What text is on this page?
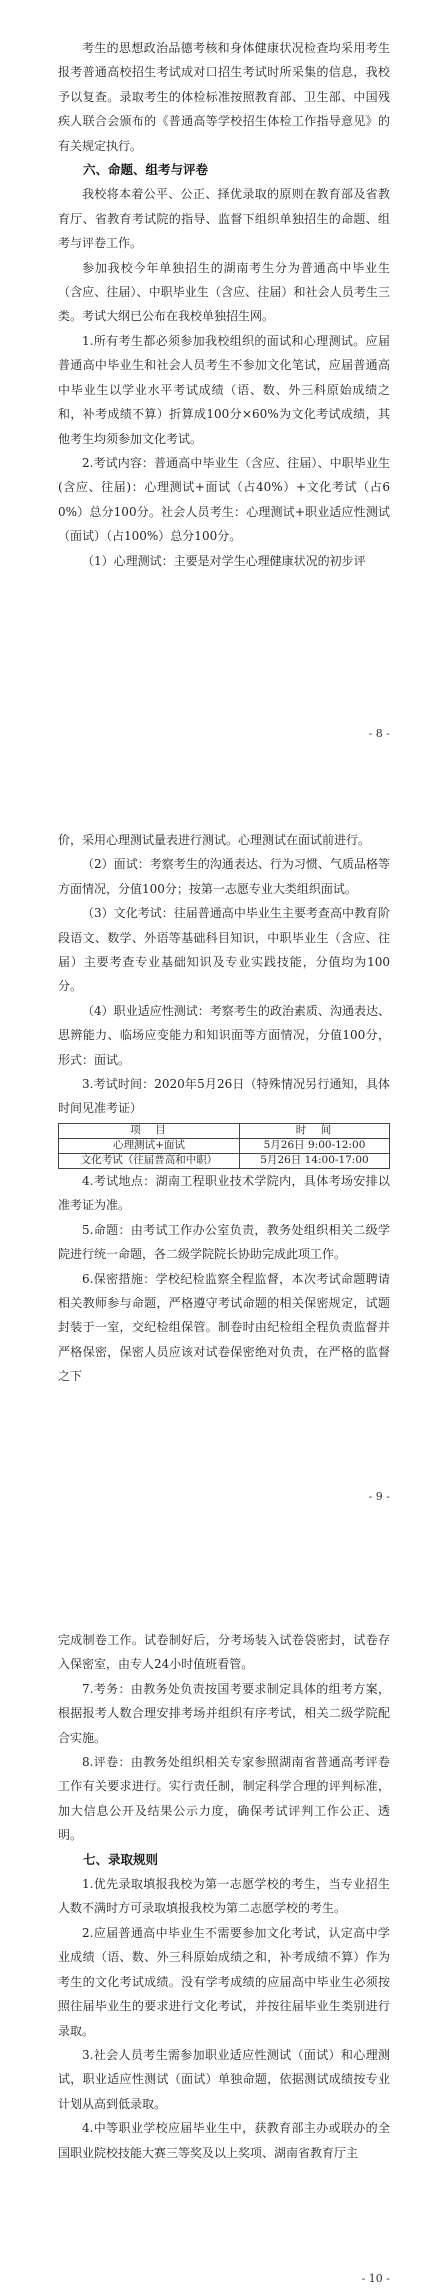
考生的思想政治品德考核和身体健康状况检查均采用考生报考普通高校招生考试成对口招生考试时所采集的信息，我校予以复查。录取考生的体检标准按照教育部、卫生部、中国残疾人联合会颁布的《普通高等学校招生体检工作指导意见》的有关规定执行。

六、命题、组考与评卷

我校将本着公平、公正、择优录取的原则在教育部及省教育厅、省教育考试院的指导、监督下组织单独招生的命题、组考与评卷工作。

参加我校今年单独招生的湖南考生分为普通高中毕业生（含应、往届）、中职毕业生（含应、往届）和社会人员考生三类。考试大纲已公布在我校单独招生网。

1.所有考生都必须参加我校组织的面试和心理测试。应届普通高中毕业生和社会人员考生不参加文化笔试，应届普通高中毕业生以学业水平考试成绩（语、数、外三科原始成绩之和，补考成绩不算）折算成100分×60%为文化考试成绩，其他考生均须参加文化考试。

2.考试内容：普通高中毕业生（含应、往届）、中职毕业生(含应、往届)：心理测试+面试（占40%）+文化考试（占60%）总分100分。社会人员考生：心理测试+职业适应性测试（面试）（占100%）总分100分。

（1）心理测试：主要是对学生心理健康状况的初步评

- 8 -

价，采用心理测试量表进行测试。心理测试在面试前进行。

（2）面试：考察考生的沟通表达、行为习惯、气质品格等方面情况，分值100分；按第一志愿专业大类组织面试。

（3）文化考试：往届普通高中毕业生主要考查高中教育阶段语文、数学、外语等基础科目知识，中职毕业生（含应、往届）主要考查专业基础知识及专业实践技能，分值均为100分。

（4）职业适应性测试：考察考生的政治素质、沟通表达、思辨能力、临场应变能力和知识面等方面情况，分值100分，形式：面试。

3.考试时间：2020年5月26日（特殊情况另行通知，具体时间见准考证）

项　目	时　间
心理测试+面试	5月26日 9:00-12:00
文化考试（往届普高和中职）	5月26日 14:00-17:00

4.考试地点：湖南工程职业技术学院内，具体考场安排以准考证为准。

5.命题：由考试工作办公室负责，教务处组织相关二级学院进行统一命题，各二级学院院长协助完成此项工作。

6.保密措施：学校纪检监察全程监督，本次考试命题聘请相关教师参与命题，严格遵守考试命题的相关保密规定，试题封装于一室，交纪检组保管。制卷时由纪检组全程负责监督并严格保密，保密人员应该对试卷保密绝对负责，在严格的监督之下

- 9 -

完成制卷工作。试卷制好后，分考场装入试卷袋密封，试卷存入保密室，由专人24小时值班看管。

7.考务：由教务处负责按国考要求制定具体的组考方案，根据报考人数合理安排考场并组织有序考试，相关二级学院配合实施。

8.评卷：由教务处组织相关专家参照湖南省普通高考评卷工作有关要求进行。实行责任制，制定科学合理的评判标准，加大信息公开及结果公示力度，确保考试评判工作公正、透明。

七、录取规则

1.优先录取填报我校为第一志愿学校的考生，当专业招生人数不满时方可录取填报我校为第二志愿学校的考生。

2.应届普通高中毕业生不需要参加文化考试，认定高中学业成绩（语、数、外三科原始成绩之和，补考成绩不算）作为考生的文化考试成绩。没有学考成绩的应届高中毕业生必须按照往届毕业生的要求进行文化考试，并按往届毕业生类别进行录取。

3.社会人员考生需参加职业适应性测试（面试）和心理测试，职业适应性测试（面试）单独命题，依据测试成绩按专业计划从高到低录取。

4.中等职业学校应届毕业生中，获教育部主办或联办的全国职业院校技能大赛三等奖及以上奖项、湖南省教育厅主

- 10 -
